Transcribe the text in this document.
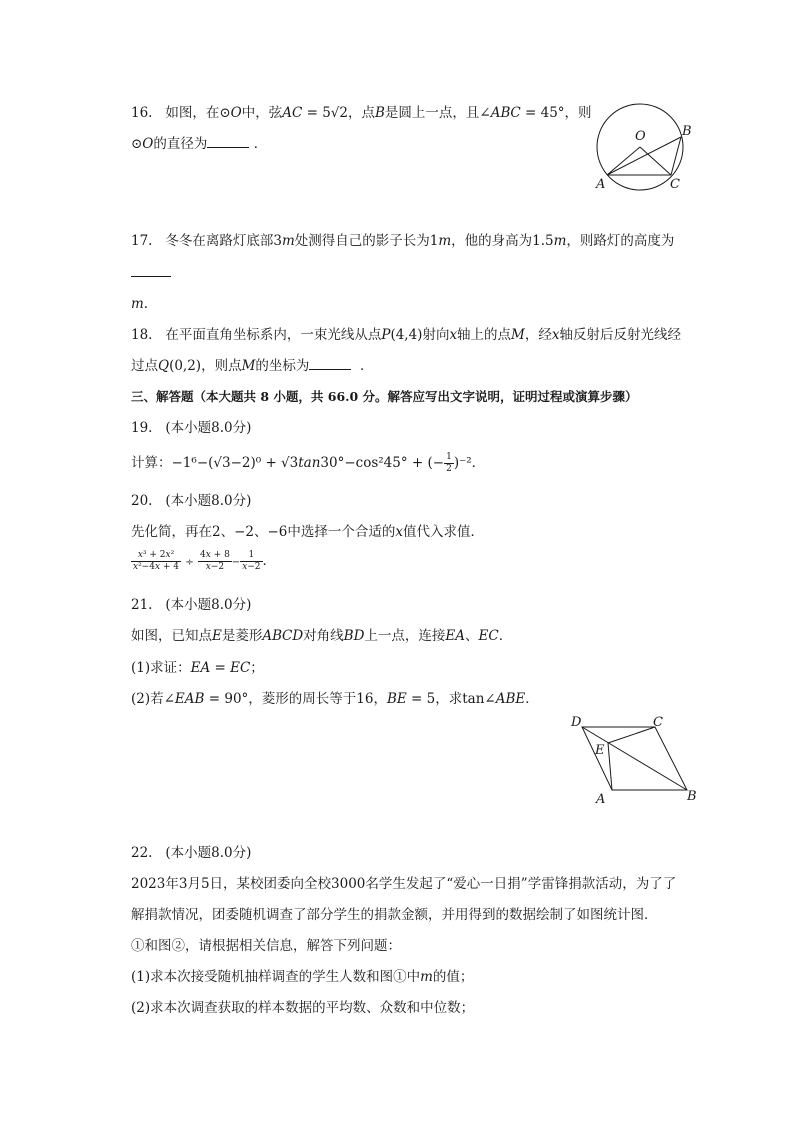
16. 如图，在⊙𝑂中，弦𝐴𝐶 = 5√2，点𝐵是圆上一点，且∠𝐴𝐵𝐶 = 45°，则
⊙𝑂的直径为	．	O	B
A	C
17. 冬冬在离路灯底部3𝑚处测得自己的影子长为1𝑚，他的身高为1.5𝑚，则路灯的高度为
𝑚.
18. 在平面直角坐标系内，一束光线从点𝑃(4,4)射向𝑥轴上的点𝑀，经𝑥轴反射后反射光线经
过点𝑄(0,2)，则点𝑀的坐标为	．
三、解答题（本大题共 8 小题，共 66.0 分。解答应写出文字说明，证明过程或演算步骤）
19. (本小题8.0分)
计算：−1⁶−(√3−2)⁰ + √3𝑡𝑎𝑛30°−cos²45° + (− $\frac{1}{2} )^{-2}$．
20. (本小题8.0分)
先化简，再在2、−2、−6中选择一个合适的𝑥值代入求值．
$\frac{\text{𝑥³ + 2𝑥²}}{\text{𝑥²−4𝑥 + 4}} \div \frac{\text{4𝑥 + 8}}{\text{𝑥−2}} - \frac{1}{\text{𝑥−2}}$ ．
21. (本小题8.0分)
如图，已知点𝐸是菱形𝐴𝐵𝐶𝐷对角线𝐵𝐷上一点，连接𝐸𝐴、𝐸𝐶．
(1)求证：𝐸𝐴 = 𝐸𝐶；
(2)若∠𝐸𝐴𝐵 = 90°，菱形的周长等于16，𝐵𝐸 = 5，求tan∠𝐴𝐵𝐸．
D	C
E
A	B
22. (本小题8.0分)
2023年3月5日，某校团委向全校3000名学生发起了“爱心一日捐”学雷锋捐款活动，为了了
解捐款情况，团委随机调查了部分学生的捐款金额，并用得到的数据绘制了如图统计图．
①和图②，请根据相关信息，解答下列问题：
(1)求本次接受随机抽样调查的学生人数和图①中𝑚的值；
(2)求本次调查获取的样本数据的平均数、众数和中位数；
